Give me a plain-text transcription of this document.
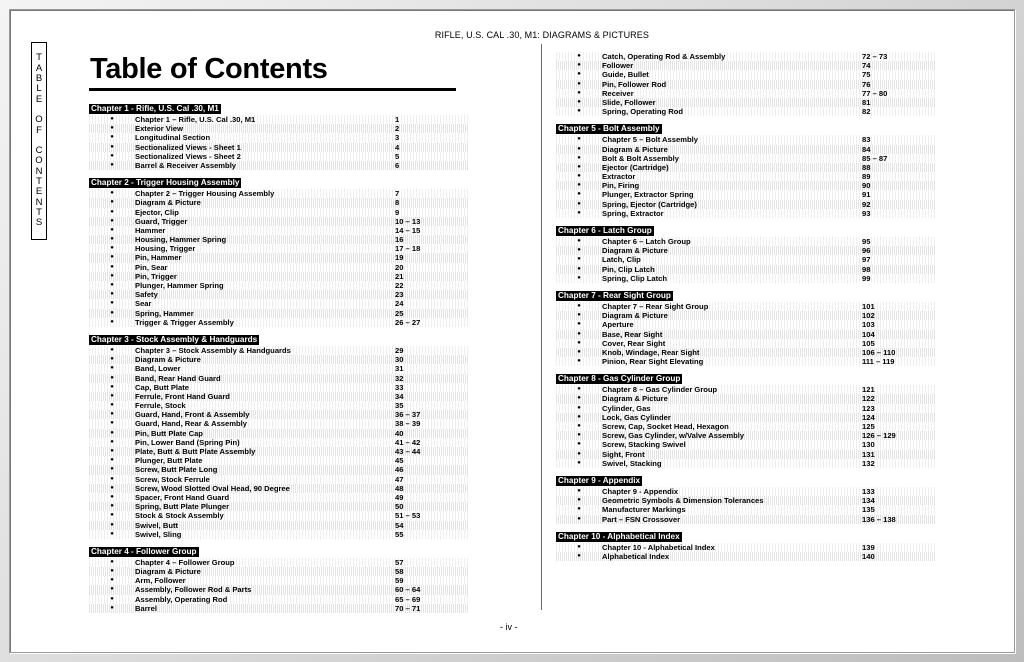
T
A
B
L
E
O
F
C
O
N
T
E
N
T
S
RIFLE, U.S. CAL .30, M1: DIAGRAMS & PICTURES
Table of Contents
Chapter 1 - Rifle, U.S. Cal .30, M1
●	Chapter 1 – Rifle, U.S. Cal .30, M1	1
●	Exterior View	2
●	Longitudinal Section	3
●	Sectionalized Views - Sheet 1	4
●	Sectionalized Views - Sheet 2	5
●	Barrel & Receiver Assembly	6
Chapter 2 - Trigger Housing Assembly
●	Chapter 2 – Trigger Housing Assembly	7
●	Diagram & Picture	8
●	Ejector, Clip	9
●	Guard, Trigger	10 – 13
●	Hammer	14 – 15
●	Housing, Hammer Spring	16
●	Housing, Trigger	17 – 18
●	Pin, Hammer	19
●	Pin, Sear	20
●	Pin, Trigger	21
●	Plunger, Hammer Spring	22
●	Safety	23
●	Sear	24
●	Spring, Hammer	25
●	Trigger & Trigger Assembly	26 – 27
Chapter 3 - Stock Assembly & Handguards
●	Chapter 3 – Stock Assembly & Handguards	29
●	Diagram & Picture	30
●	Band, Lower	31
●	Band, Rear Hand Guard	32
●	Cap, Butt Plate	33
●	Ferrule, Front Hand Guard	34
●	Ferrule, Stock	35
●	Guard, Hand, Front & Assembly	36 – 37
●	Guard, Hand, Rear & Assembly	38 – 39
●	Pin, Butt Plate Cap	40
●	Pin, Lower Band (Spring Pin)	41 – 42
●	Plate, Butt & Butt Plate Assembly	43 – 44
●	Plunger, Butt Plate	45
●	Screw, Butt Plate Long	46
●	Screw, Stock Ferrule	47
●	Screw, Wood Slotted Oval Head, 90 Degree	48
●	Spacer, Front Hand Guard	49
●	Spring, Butt Plate Plunger	50
●	Stock & Stock Assembly	51 – 53
●	Swivel, Butt	54
●	Swivel, Sling	55
Chapter 4 - Follower Group
●	Chapter 4 – Follower Group	57
●	Diagram & Picture	58
●	Arm, Follower	59
●	Assembly, Follower Rod & Parts	60 – 64
●	Assembly, Operating Rod	65 – 69
●	Barrel	70 – 71
●	Catch, Operating Rod & Assembly	72 – 73
●	Follower	74
●	Guide, Bullet	75
●	Pin, Follower Rod	76
●	Receiver	77 – 80
●	Slide, Follower	81
●	Spring, Operating Rod	82
Chapter 5 - Bolt Assembly
●	Chapter 5 – Bolt Assembly	83
●	Diagram & Picture	84
●	Bolt & Bolt Assembly	85 – 87
●	Ejector (Cartridge)	88
●	Extractor	89
●	Pin, Firing	90
●	Plunger, Extractor Spring	91
●	Spring, Ejector (Cartridge)	92
●	Spring, Extractor	93
Chapter 6 - Latch Group
●	Chapter 6 – Latch Group	95
●	Diagram & Picture	96
●	Latch, Clip	97
●	Pin, Clip Latch	98
●	Spring, Clip Latch	99
Chapter 7 - Rear Sight Group
●	Chapter 7 – Rear Sight Group	101
●	Diagram & Picture	102
●	Aperture	103
●	Base, Rear Sight	104
●	Cover, Rear Sight	105
●	Knob, Windage, Rear Sight	106 – 110
●	Pinion, Rear Sight Elevating	111 – 119
Chapter 8 - Gas Cylinder Group
●	Chapter 8 – Gas Cylinder Group	121
●	Diagram & Picture	122
●	Cylinder, Gas	123
●	Lock, Gas Cylinder	124
●	Screw, Cap, Socket Head, Hexagon	125
●	Screw, Gas Cylinder, w/Valve Assembly	126 – 129
●	Screw, Stacking Swivel	130
●	Sight, Front	131
●	Swivel, Stacking	132
Chapter 9 - Appendix
●	Chapter 9 - Appendix	133
●	Geometric Symbols & Dimension Tolerances	134
●	Manufacturer Markings	135
●	Part – FSN Crossover	136 – 138
Chapter 10 - Alphabetical Index
●	Chapter 10 - Alphabetical Index	139
●	Alphabetical Index	140
- iv -
